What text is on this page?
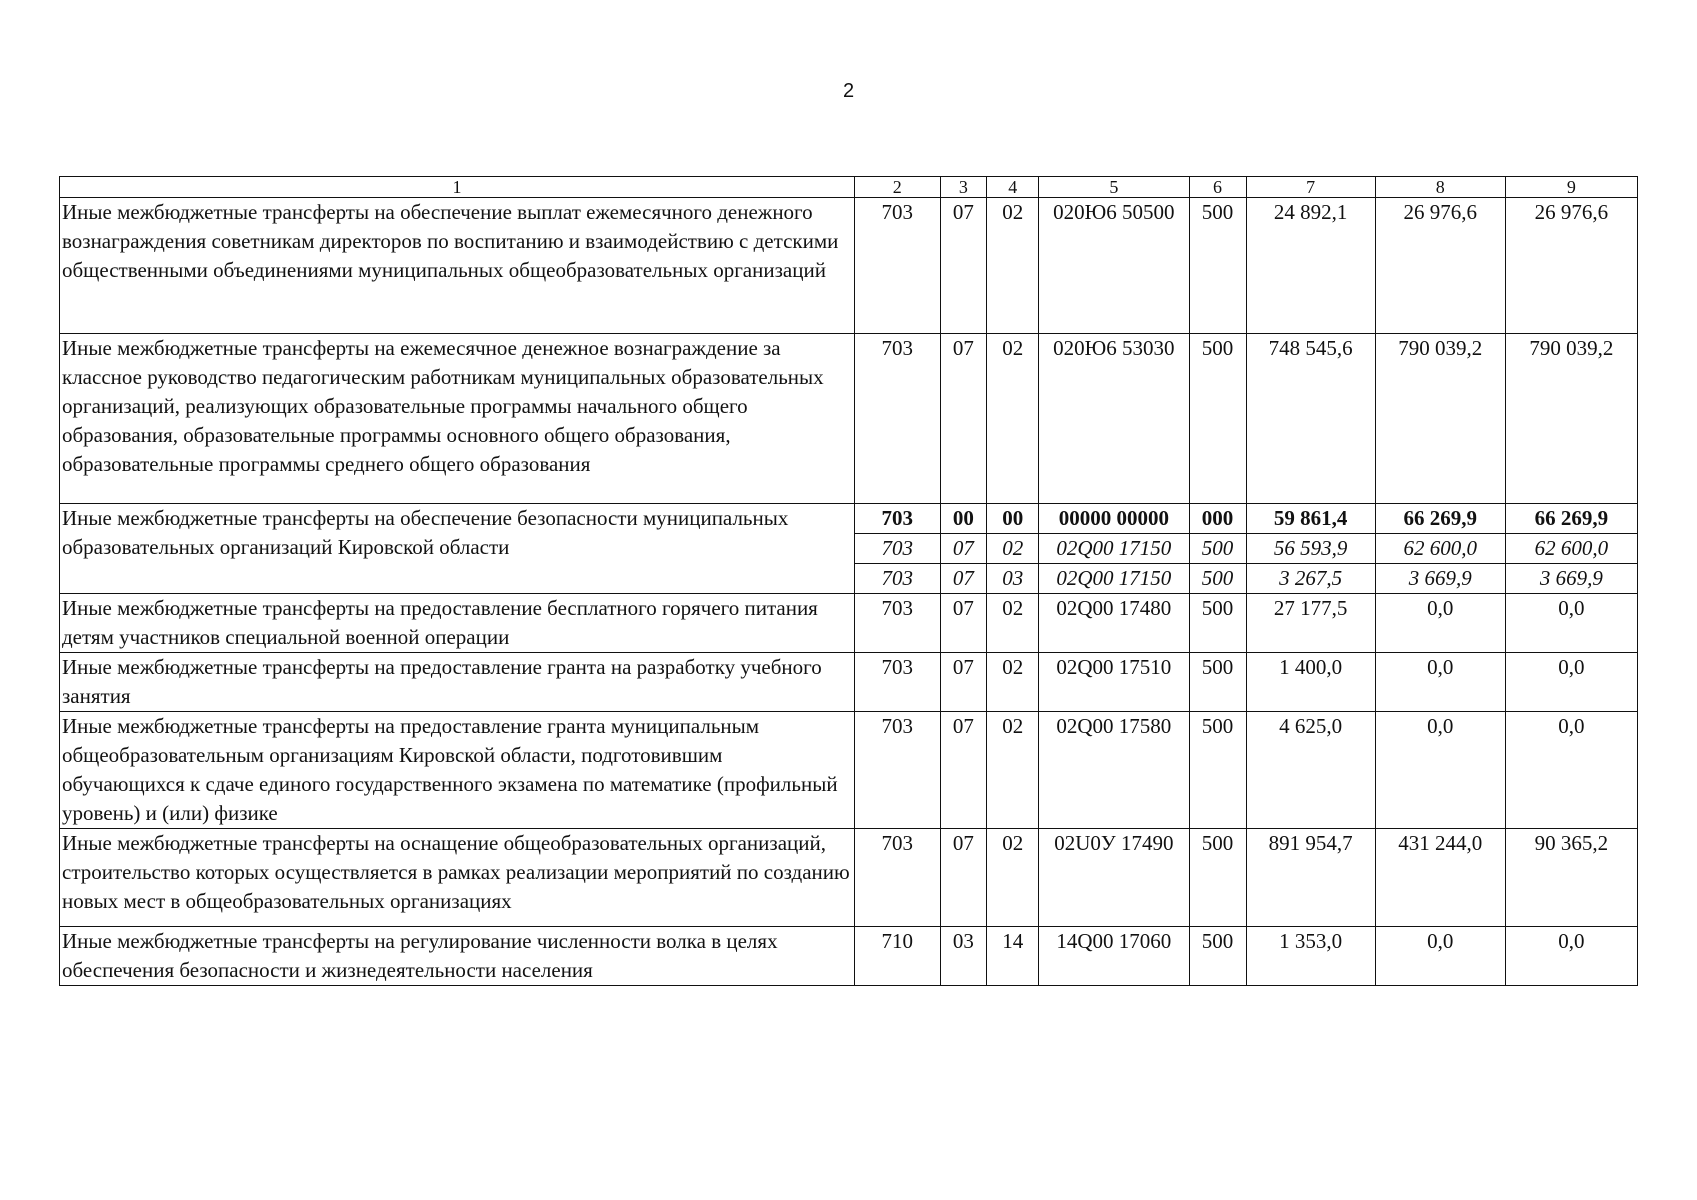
2
1	2	3	4	5	6	7	8	9
Иные межбюджетные трансферты на обеспечение выплат ежемесячного денежного вознаграждения советникам директоров по воспитанию и взаимодействию с детскими общественными объединениями муниципальных общеобразовательных организаций	703	07	02	020Ю6 50500	500	24 892,1	26 976,6	26 976,6
Иные межбюджетные трансферты на ежемесячное денежное вознаграждение за классное руководство педагогическим работникам муниципальных образовательных организаций, реализующих образовательные программы начального общего образования, образовательные программы основного общего образования, образовательные программы среднего общего образования	703	07	02	020Ю6 53030	500	748 545,6	790 039,2	790 039,2
Иные межбюджетные трансферты на обеспечение безопасности муниципальных образовательных организаций Кировской области	703	00	00	00000 00000	000	59 861,4	66 269,9	66 269,9
	703	07	02	02Q00 17150	500	56 593,9	62 600,0	62 600,0
	703	07	03	02Q00 17150	500	3 267,5	3 669,9	3 669,9
Иные межбюджетные трансферты на предоставление бесплатного горячего питания детям участников специальной военной операции	703	07	02	02Q00 17480	500	27 177,5	0,0	0,0
Иные межбюджетные трансферты на предоставление гранта на разработку учебного занятия	703	07	02	02Q00 17510	500	1 400,0	0,0	0,0
Иные межбюджетные трансферты на предоставление гранта муниципальным общеобразовательным организациям Кировской области, подготовившим обучающихся к сдаче единого государственного экзамена по математике (профильный уровень) и (или) физике	703	07	02	02Q00 17580	500	4 625,0	0,0	0,0
Иные межбюджетные трансферты на оснащение общеобразовательных организаций, строительство которых осуществляется в рамках реализации мероприятий по созданию новых мест в общеобразовательных организациях	703	07	02	02U0У 17490	500	891 954,7	431 244,0	90 365,2
Иные межбюджетные трансферты на регулирование численности волка в целях обеспечения безопасности и жизнедеятельности населения	710	03	14	14Q00 17060	500	1 353,0	0,0	0,0
